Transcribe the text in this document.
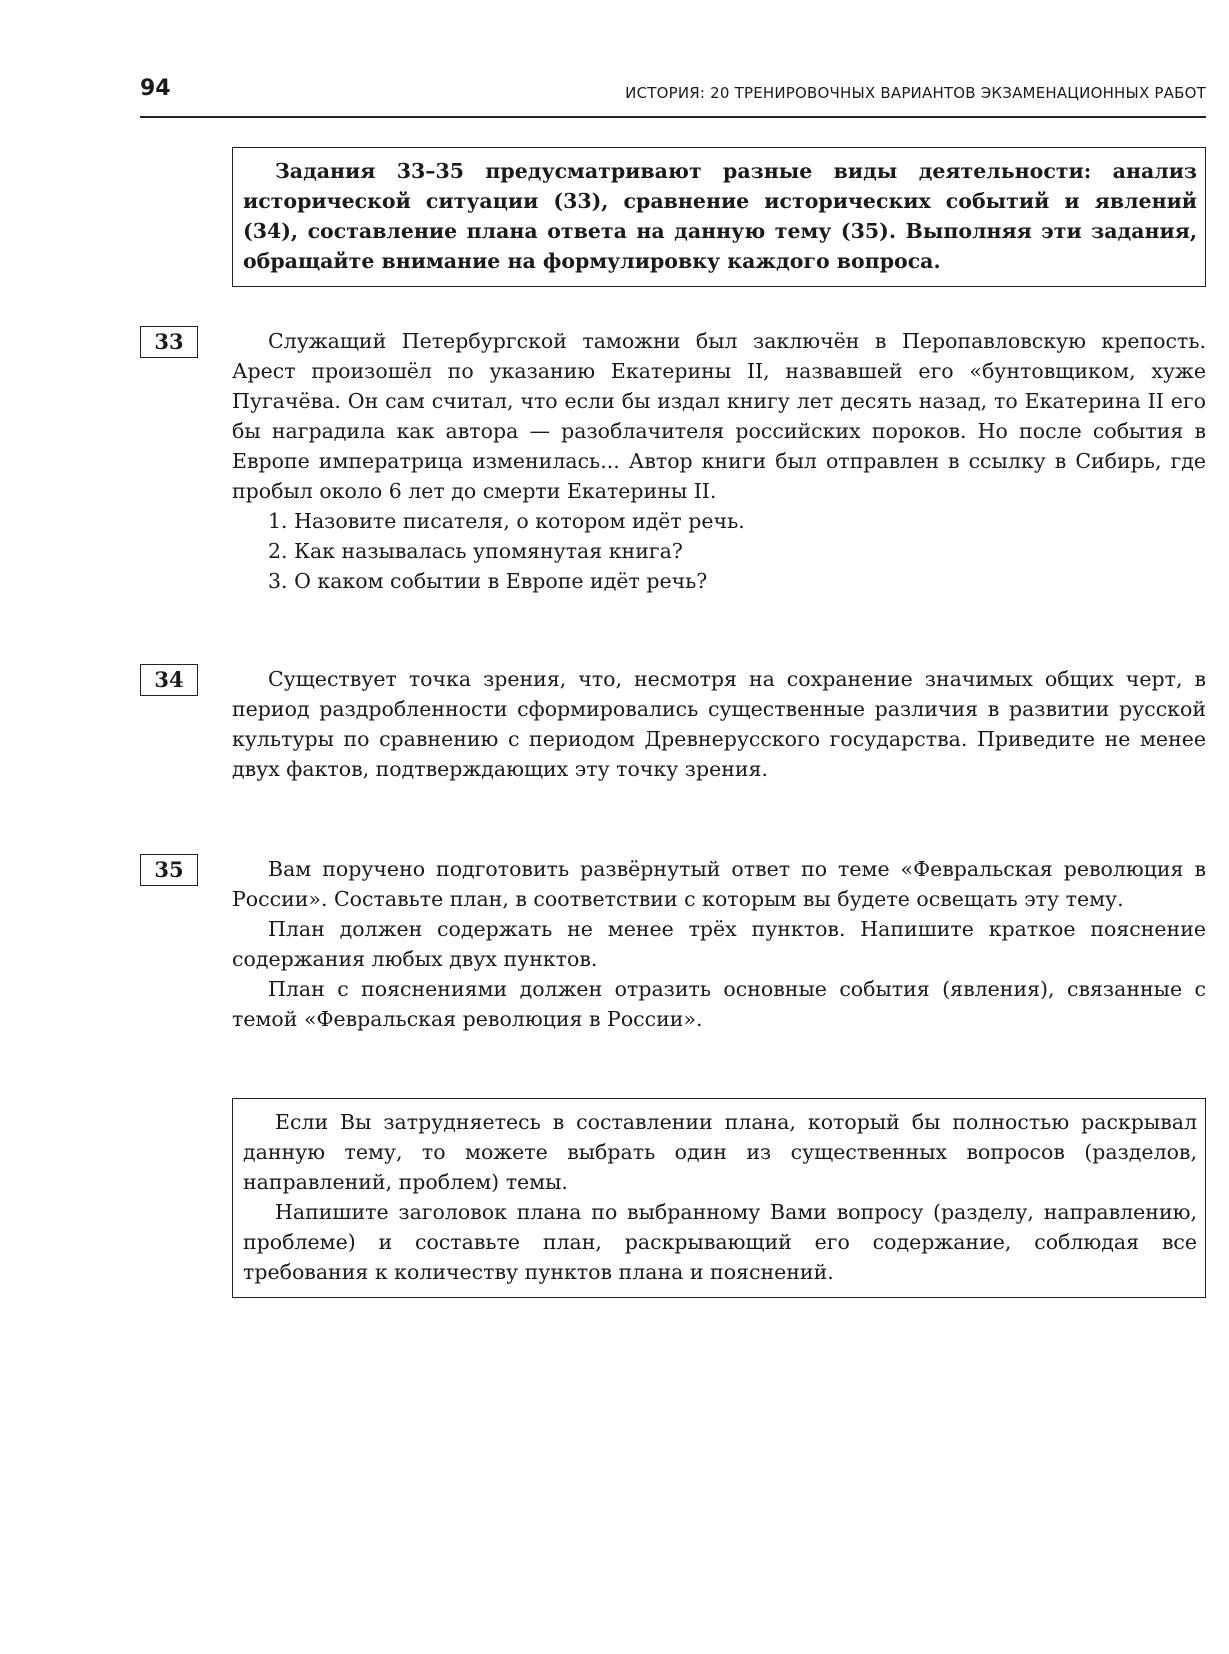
94	ИСТОРИЯ: 20 ТРЕНИРОВОЧНЫХ ВАРИАНТОВ ЭКЗАМЕНАЦИОННЫХ РАБОТ

Задания 33–35 предусматривают разные виды деятельности: анализ исторической ситуации (33), сравнение исторических событий и явлений (34), составление плана ответа на данную тему (35). Выполняя эти задания, обращайте внимание на формулировку каждого вопроса.

33	Служащий Петербургской таможни был заключён в Перопавловскую крепость. Арест произошёл по указанию Екатерины II, назвавшей его «бунтовщиком, хуже Пугачёва. Он сам считал, что если бы издал книгу лет десять назад, то Екатерина II его бы наградила как автора — разоблачителя российских пороков. Но после события в Европе императрица изменилась... Автор книги был отправлен в ссылку в Сибирь, где пробыл около 6 лет до смерти Екатерины II.

1. Назовите писателя, о котором идёт речь.
2. Как называлась упомянутая книга?
3. О каком событии в Европе идёт речь?
34	Существует точка зрения, что, несмотря на сохранение значимых общих черт, в период раздробленности сформировались существенные различия в развитии русской культуры по сравнению с периодом Древнерусского государства. Приведите не менее двух фактов, подтверждающих эту точку зрения.

35	Вам поручено подготовить развёрнутый ответ по теме «Февральская революция в России». Составьте план, в соответствии с которым вы будете освещать эту тему.

План должен содержать не менее трёх пунктов. Напишите краткое пояснение содержания любых двух пунктов.

План с пояснениями должен отразить основные события (явления), связанные с темой «Февральская революция в России».

Если Вы затрудняетесь в составлении плана, который бы полностью раскрывал данную тему, то можете выбрать один из существенных вопросов (разделов, направлений, проблем) темы.

Напишите заголовок плана по выбранному Вами вопросу (разделу, направлению, проблеме) и составьте план, раскрывающий его содержание, соблюдая все требования к количеству пунктов плана и пояснений.
